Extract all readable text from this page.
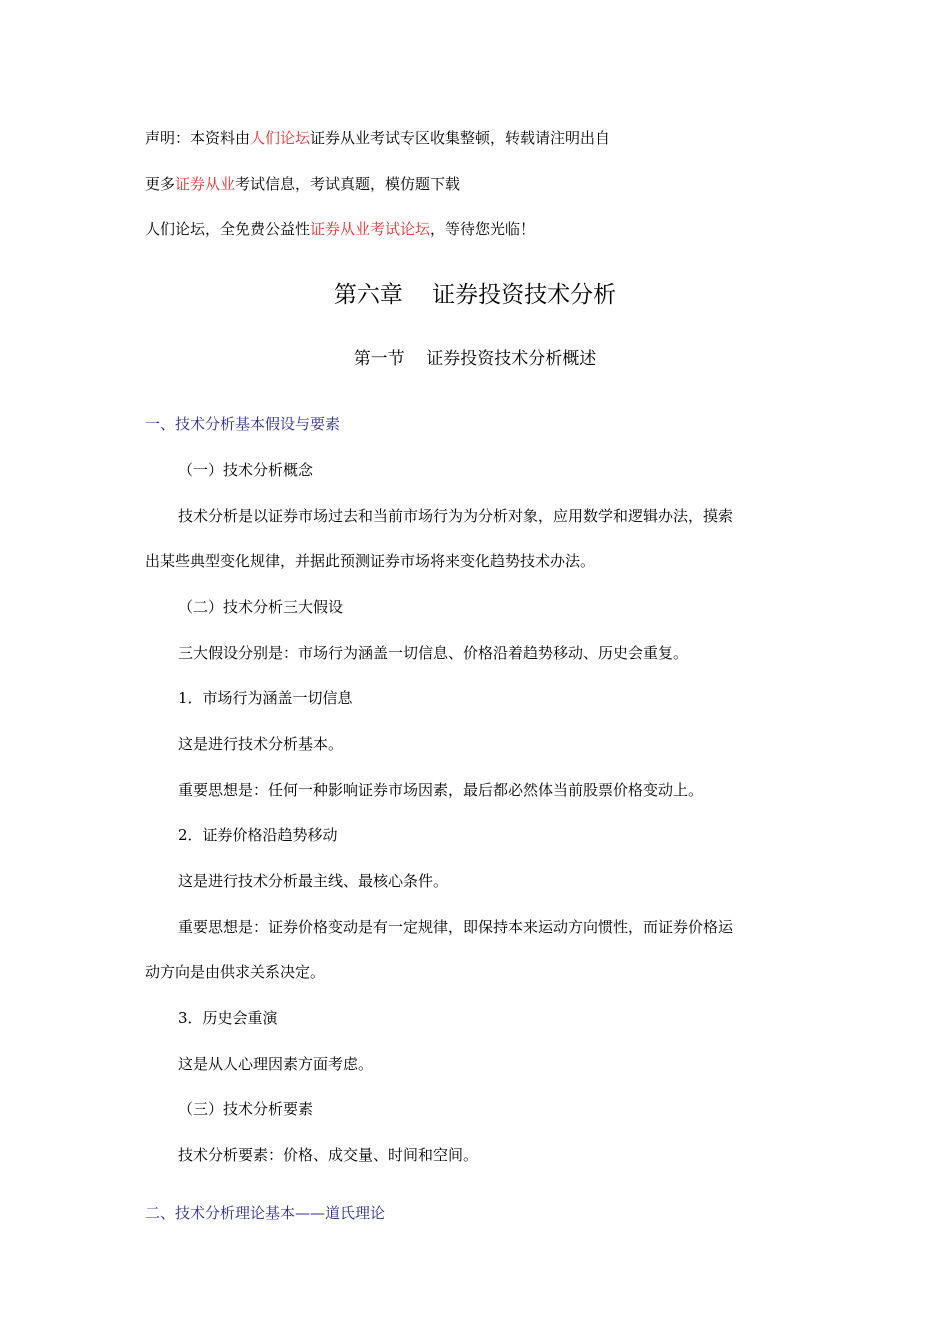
声明：本资料由人们论坛证券从业考试专区收集整顿，转载请注明出自
更多证券从业考试信息，考试真题，模仿题下载
人们论坛，全免费公益性证券从业考试论坛，等待您光临！
第六章    证券投资技术分析
第一节    证券投资技术分析概述
一、技术分析基本假设与要素
（一）技术分析概念
技术分析是以证券市场过去和当前市场行为为分析对象，应用数学和逻辑办法，摸索
出某些典型变化规律，并据此预测证券市场将来变化趋势技术办法。
（二）技术分析三大假设
三大假设分别是：市场行为涵盖一切信息、价格沿着趋势移动、历史会重复。
1．市场行为涵盖一切信息
这是进行技术分析基本。
重要思想是：任何一种影响证券市场因素，最后都必然体当前股票价格变动上。
2．证券价格沿趋势移动
这是进行技术分析最主线、最核心条件。
重要思想是：证券价格变动是有一定规律，即保持本来运动方向惯性，而证券价格运
动方向是由供求关系决定。
3．历史会重演
这是从人心理因素方面考虑。
（三）技术分析要素
技术分析要素：价格、成交量、时间和空间。
二、技术分析理论基本——道氏理论
